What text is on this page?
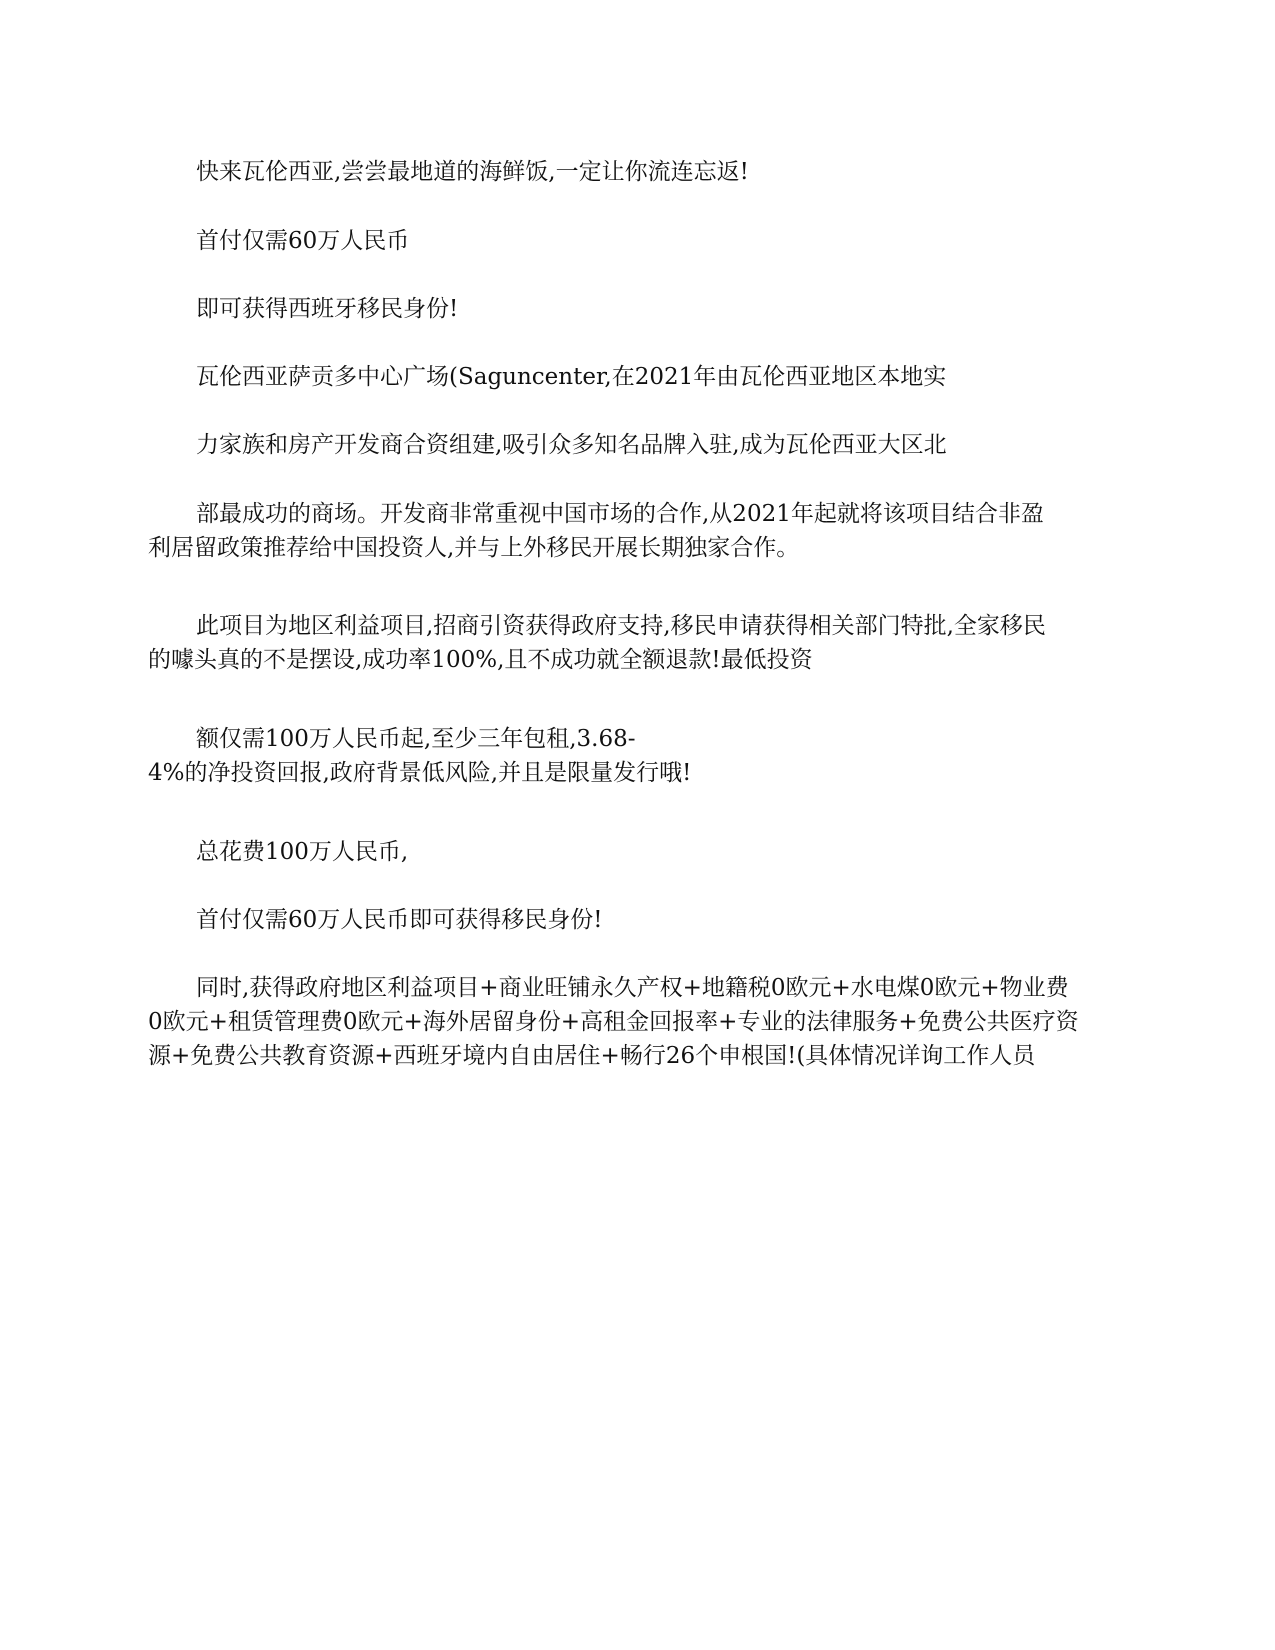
快来瓦伦西亚,尝尝最地道的海鲜饭,一定让你流连忘返!

首付仅需60万人民币

即可获得西班牙移民身份!

瓦伦西亚萨贡多中心广场(Saguncenter,在2021年由瓦伦西亚地区本地实

力家族和房产开发商合资组建,吸引众多知名品牌入驻,成为瓦伦西亚大区北

部最成功的商场。开发商非常重视中国市场的合作,从2021年起就将该项目结合非盈
利居留政策推荐给中国投资人,并与上外移民开展长期独家合作。

此项目为地区利益项目,招商引资获得政府支持,移民申请获得相关部门特批,全家移民
的噱头真的不是摆设,成功率100%,且不成功就全额退款!最低投资

额仅需100万人民币起,至少三年包租,3.68-
4%的净投资回报,政府背景低风险,并且是限量发行哦!

总花费100万人民币,

首付仅需60万人民币即可获得移民身份!

同时,获得政府地区利益项目+商业旺铺永久产权+地籍税0欧元+水电煤0欧元+物业费
0欧元+租赁管理费0欧元+海外居留身份+高租金回报率+专业的法律服务+免费公共医疗资
源+免费公共教育资源+西班牙境内自由居住+畅行26个申根国!(具体情况详询工作人员
